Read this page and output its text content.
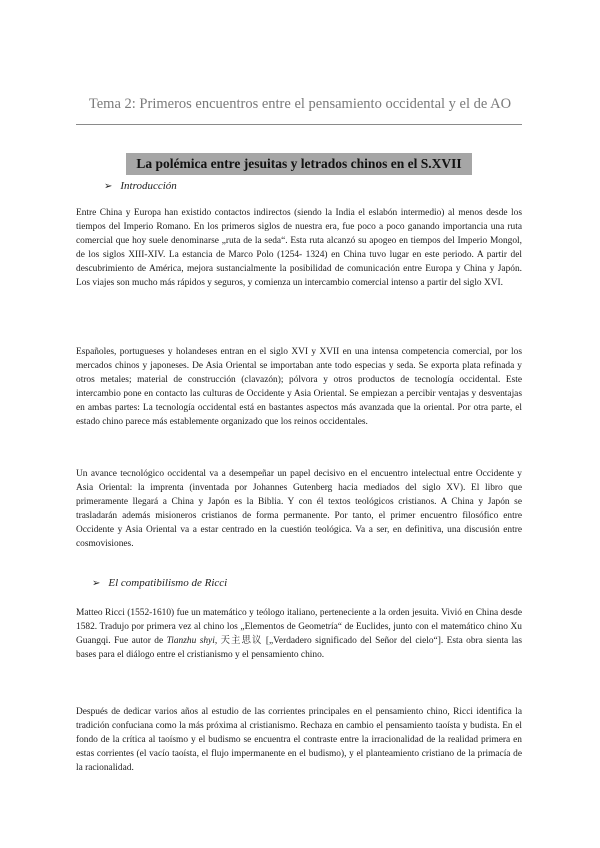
Tema 2: Primeros encuentros entre el pensamiento occidental y el de AO
La polémica entre jesuitas y letrados chinos en el S.XVII
➢ Introducción

Entre China y Europa han existido contactos indirectos (siendo la India el eslabón intermedio) al menos desde los tiempos del Imperio Romano. En los primeros siglos de nuestra era, fue poco a poco ganando importancia una ruta comercial que hoy suele denominarse „ruta de la seda“. Esta ruta alcanzó su apogeo en tiempos del Imperio Mongol, de los siglos XIII-XIV. La estancia de Marco Polo (1254- 1324) en China tuvo lugar en este periodo. A partir del descubrimiento de América, mejora sustancialmente la posibilidad de comunicación entre Europa y China y Japón. Los viajes son mucho más rápidos y seguros, y comienza un intercambio comercial intenso a partir del siglo XVI.

Españoles, portugueses y holandeses entran en el siglo XVI y XVII en una intensa competencia comercial, por los mercados chinos y japoneses. De Asia Oriental se importaban ante todo especias y seda. Se exporta plata refinada y otros metales; material de construcción (clavazón); pólvora y otros productos de tecnología occidental. Este intercambio pone en contacto las culturas de Occidente y Asia Oriental. Se empiezan a percibir ventajas y desventajas en ambas partes: La tecnología occidental está en bastantes aspectos más avanzada que la oriental. Por otra parte, el estado chino parece más establemente organizado que los reinos occidentales.

Un avance tecnológico occidental va a desempeñar un papel decisivo en el encuentro intelectual entre Occidente y Asia Oriental: la imprenta (inventada por Johannes Gutenberg hacia mediados del siglo XV). El libro que primeramente llegará a China y Japón es la Biblia. Y con él textos teológicos cristianos. A China y Japón se trasladarán además misioneros cristianos de forma permanente. Por tanto, el primer encuentro filosófico entre Occidente y Asia Oriental va a estar centrado en la cuestión teológica. Va a ser, en definitiva, una discusión entre cosmovisiones.

➢ El compatibilismo de Ricci

Matteo Ricci (1552-1610) fue un matemático y teólogo italiano, perteneciente a la orden jesuita. Vivió en China desde 1582. Tradujo por primera vez al chino los „Elementos de Geometría“ de Euclides, junto con el matemático chino Xu Guangqi. Fue autor de Tianzhu shyi, 天主思议 [„Verdadero significado del Señor del cielo“]. Esta obra sienta las bases para el diálogo entre el cristianismo y el pensamiento chino.

Después de dedicar varios años al estudio de las corrientes principales en el pensamiento chino, Ricci identifica la tradición confuciana como la más próxima al cristianismo. Rechaza en cambio el pensamiento taoísta y budista. En el fondo de la crítica al taoísmo y el budismo se encuentra el contraste entre la irracionalidad de la realidad primera en estas corrientes (el vacío taoísta, el flujo impermanente en el budismo), y el planteamiento cristiano de la primacía de la racionalidad.
